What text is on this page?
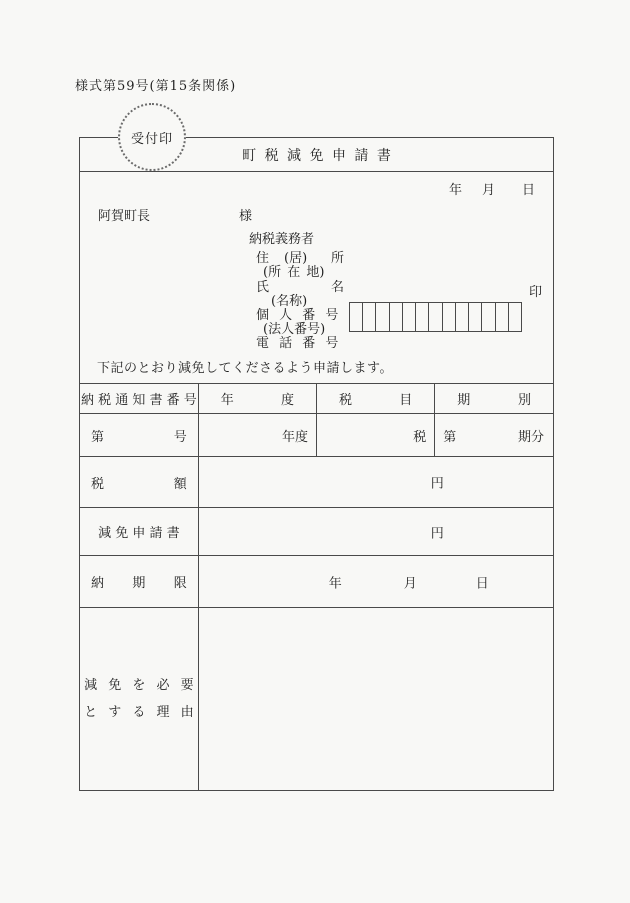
様式第59号(第15条関係)
受付印
町 税 減 免 申 請 書
年 月 日
阿賀町長	様
納税義務者
住 (居) 所
(所 在 地)
氏	名	印
(名称)
個 人 番 号
(法人番号)
電 話 番 号
下記のとおり減免してくださるよう申請します。
納 税 通 知 書 番 号	年 度	税 目	期 別

第 号	年度	税	第 期分

税 額	円		

減 免 申 請 書	円		

納 期 限	年 月 日		

減 免 を 必 要
と す る 理 由			
